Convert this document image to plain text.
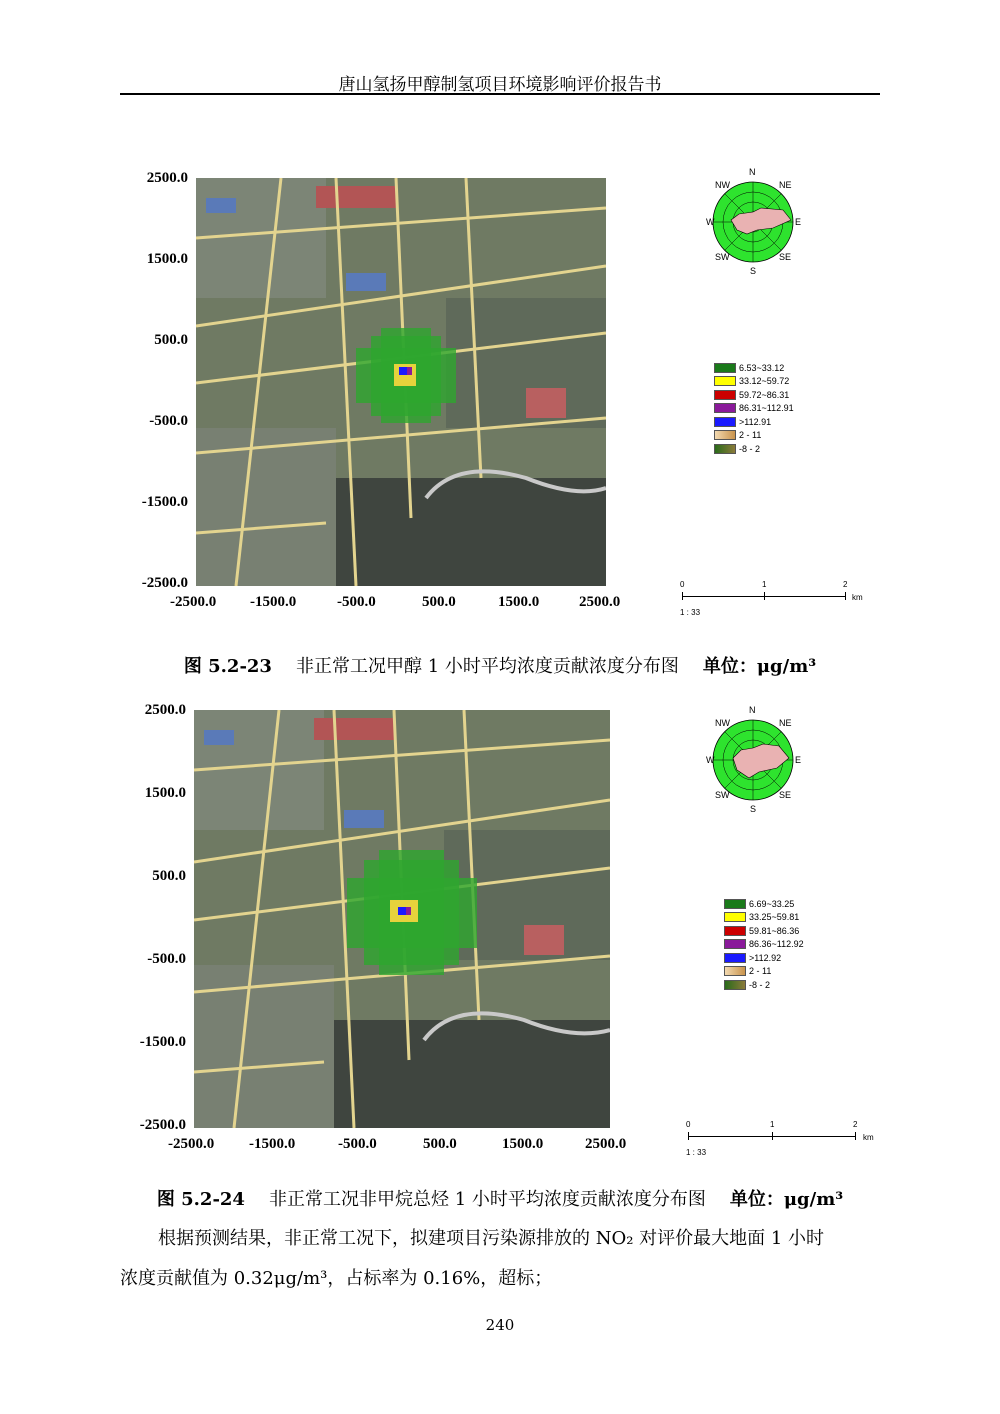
唐山氢扬甲醇制氢项目环境影响评价报告书
2500.0
1500.0
500.0
-500.0
-1500.0
-2500.0
-2500.0 -1500.0	-500.0	500.0	1500.0	2500.0
N
NE
E
SE
S
SW
W
NW
6.53~33.12
33.12~59.72
59.72~86.31
86.31~112.91
>112.91
2 - 11
-8 - 2
0	1	2
km
1 : 33
图 5.2-23 非正常工况甲醇 1 小时平均浓度贡献浓度分布图 单位：μg/m³
2500.0
1500.0
500.0
-500.0
-1500.0
-2500.0
-2500.0 -1500.0	-500.0	500.0	1500.0	2500.0
N
NE
E
SE
S
SW
W
NW
6.69~33.25
33.25~59.81
59.81~86.36
86.36~112.92
>112.92
2 - 11
-8 - 2
0	1	2
km
1 : 33
图 5.2-24 非正常工况非甲烷总烃 1 小时平均浓度贡献浓度分布图 单位：μg/m³
根据预测结果，非正常工况下，拟建项目污染源排放的 NO₂ 对评价最大地面 1 小时
浓度贡献值为 0.32μg/m³，占标率为 0.16%，超标；
240
